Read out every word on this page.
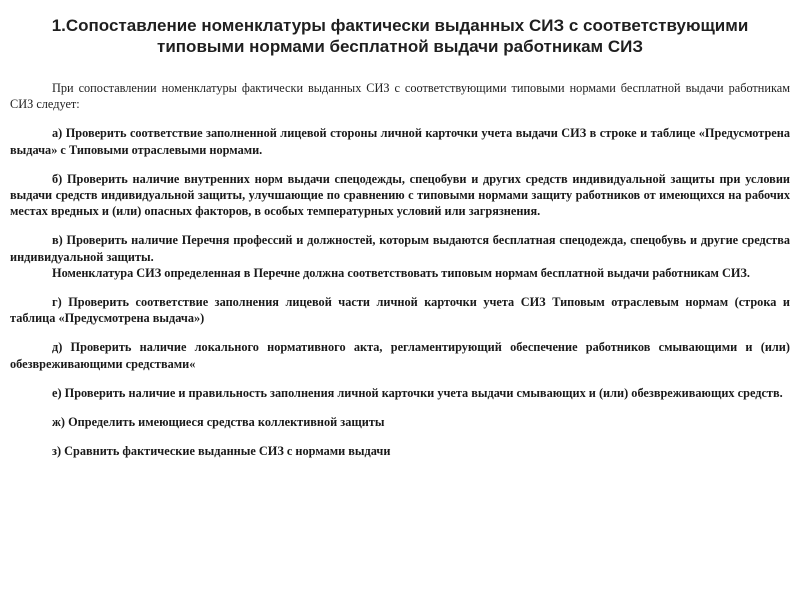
1.Сопоставление номенклатуры фактически выданных СИЗ с соответствующими типовыми нормами бесплатной выдачи работникам СИЗ

При сопоставлении номенклатуры фактически выданных СИЗ с соответствующими типовыми нормами бесплатной выдачи работникам СИЗ следует:

а) Проверить соответствие заполненной лицевой стороны личной карточки учета выдачи СИЗ в строке и таблице «Предусмотрена выдача» с Типовыми отраслевыми нормами.

б) Проверить наличие внутренних норм выдачи спецодежды, спецобуви и других средств индивидуальной защиты при условии выдачи средств индивидуальной защиты, улучшающие по сравнению с типовыми нормами защиту работников от имеющихся на рабочих местах вредных и (или) опасных факторов, в особых температурных условий или загрязнения.

в) Проверить наличие Перечня профессий и должностей, которым выдаются бесплатная спецодежда, спецобувь и другие средства индивидуальной защиты.

Номенклатура СИЗ определенная в Перечне должна соответствовать типовым нормам бесплатной выдачи работникам СИЗ.

г) Проверить соответствие заполнения лицевой части личной карточки учета СИЗ Типовым отраслевым нормам (строка и таблица «Предусмотрена выдача»)

д) Проверить наличие локального нормативного акта, регламентирующий обеспечение работников смывающими и (или) обезвреживающими средствами«

е) Проверить наличие и правильность заполнения личной карточки учета выдачи смывающих и (или) обезвреживающих средств.

ж) Определить имеющиеся средства коллективной защиты

з) Сравнить фактические выданные СИЗ с нормами выдачи
